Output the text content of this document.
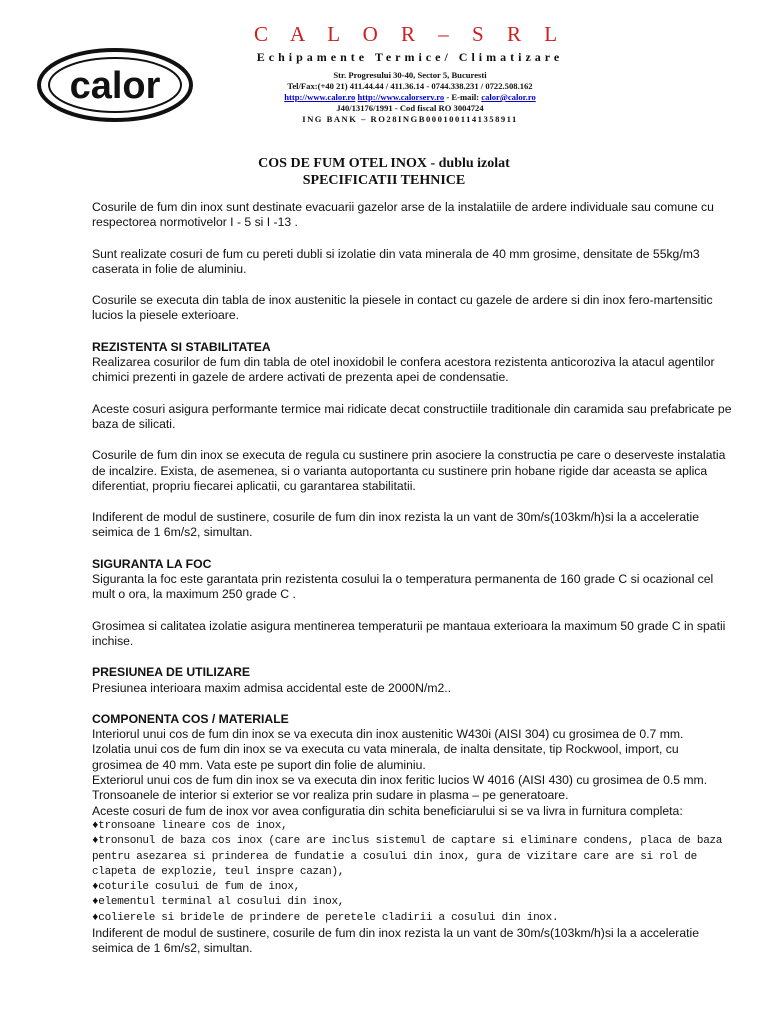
calor
C A L O R – S R L
Echipamente Termice/ Climatizare
Str. Progresului 30-40, Sector 5, Bucuresti
Tel/Fax:(+40 21) 411.44.44 / 411.36.14 - 0744.338.231 / 0722.508.162
http://www.calor.ro http://www.calorserv.ro - E-mail: calor@calor.ro
J40/13176/1991 - Cod fiscal RO 3004724
ING BANK – RO28INGB0001001141358911
COS DE FUM OTEL INOX - dublu izolat
SPECIFICATII TEHNICE

Cosurile de fum din inox sunt destinate evacuarii gazelor arse de la instalatiile de ardere individuale sau comune cu respectorea normotivelor I - 5 si I -13 .

Sunt realizate cosuri de fum cu pereti dubli si izolatie din vata minerala de 40 mm grosime, densitate de 55kg/m3 caserata in folie de aluminiu.

Cosurile se executa din tabla de inox austenitic la piesele in contact cu gazele de ardere si din inox fero-martensitic lucios la piesele exterioare.

REZISTENTA SI STABILITATEA

Realizarea cosurilor de fum din tabla de otel inoxidobil le confera acestora rezistenta anticoroziva la atacul agentilor chimici prezenti in gazele de ardere activati de prezenta apei de condensatie.

Aceste cosuri asigura performante termice mai ridicate decat constructiile traditionale din caramida sau prefabricate pe baza de silicati.

Cosurile de fum din inox se executa de regula cu sustinere prin asociere la constructia pe care o deserveste instalatia de incalzire. Exista, de asemenea, si o varianta autoportanta cu sustinere prin hobane rigide dar aceasta se aplica diferentiat, propriu fiecarei aplicatii, cu garantarea stabilitatii.

Indiferent de modul de sustinere, cosurile de fum din inox rezista la un vant de 30m/s(103km/h)si la a acceleratie seimica de 1 6m/s2, simultan.

SIGURANTA LA FOC

Siguranta la foc este garantata prin rezistenta cosului la o temperatura permanenta de 160 grade C si ocazional cel mult o ora, la maximum 250 grade C .

Grosimea si calitatea izolatie asigura mentinerea temperaturii pe mantaua exterioara la maximum 50 grade C in spatii inchise.

PRESIUNEA DE UTILIZARE

Presiunea interioara maxim admisa accidental este de 2000N/m2..

COMPONENTA COS / MATERIALE
Interiorul unui cos de fum din inox se va executa din inox austenitic W430i (AISI 304) cu grosimea de 0.7 mm.
Izolatia unui cos de fum din inox se va executa cu vata minerala, de inalta densitate, tip Rockwool, import, cu grosimea de 40 mm. Vata este pe suport din folie de aluminiu.
Exteriorul unui cos de fum din inox se va executa din inox feritic lucios W 4016 (AISI 430) cu grosimea de 0.5 mm.
Tronsoanele de interior si exterior se vor realiza prin sudare in plasma – pe generatoare.
Aceste cosuri de fum de inox vor avea configuratia din schita beneficiarului si se va livra in furnitura completa:
♦tronsoane lineare cos de inox,
♦tronsonul de baza cos inox (care are inclus sistemul de captare si eliminare condens, placa de baza pentru asezarea si prinderea de fundatie a cosului din inox, gura de vizitare care are si rol de clapeta de explozie, teul inspre cazan),
♦coturile cosului de fum de inox,
♦elementul terminal al cosului din inox,
♦colierele si bridele de prindere de peretele cladirii a cosului din inox.
Indiferent de modul de sustinere, cosurile de fum din inox rezista la un vant de 30m/s(103km/h)si la a acceleratie seimica de 1 6m/s2, simultan.
